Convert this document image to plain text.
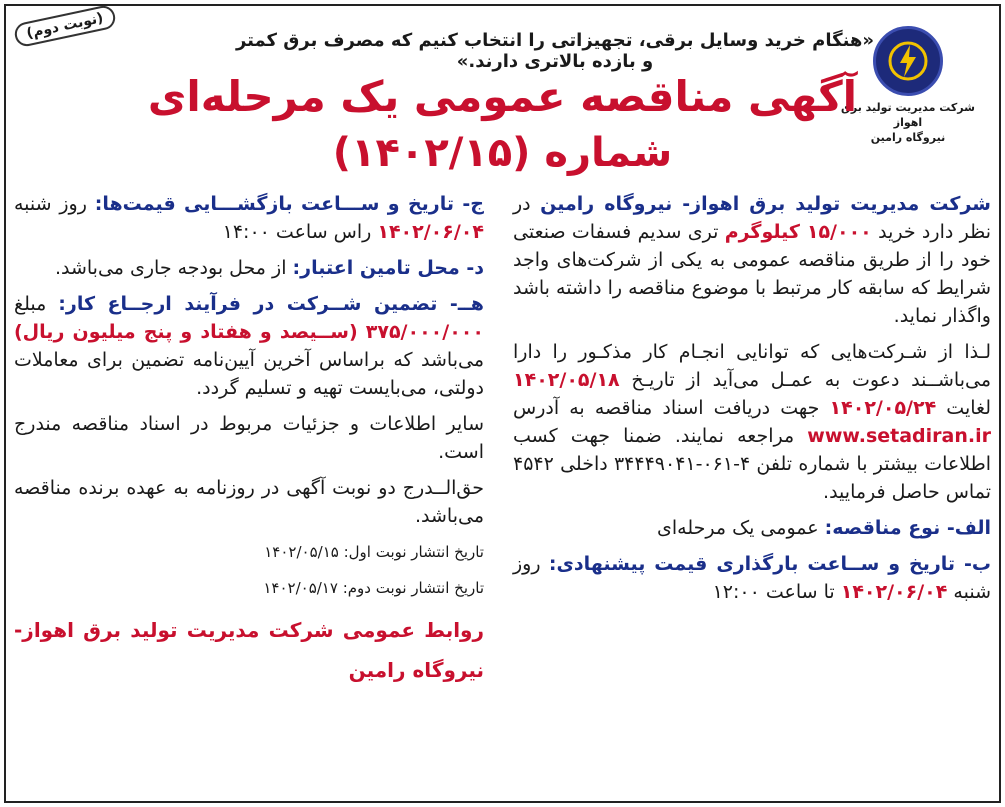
(نوبت دوم)	«هنگام خرید وسایل برقی، تجهیزاتی را انتخاب کنیم که مصرف برق کمتر و بازده بالاتری دارند.»
شرکت مدیریت تولید برق اهواز
نیروگاه رامین
آگهی مناقصه عمومی یک مرحله‌ای
شماره (۱۴۰۲/۱۵)

شرکت مدیریت تولید برق اهواز- نیروگاه رامین در نظر دارد خرید ۱۵/۰۰۰ کیلوگرم تری سدیم فسفات صنعتی خود را از طریق مناقصه عمومی به یکی از شرکت‌های واجد شرایط که سابقه کار مرتبط با موضوع مناقصه را داشته باشد واگذار نماید.

لـذا از شـرکت‌هایی که توانایی انجـام کار مذکـور را دارا می‌باشــند دعوت به عمـل می‌آید از تاریـخ ۱۴۰۲/۰۵/۱۸ لغایت ۱۴۰۲/۰۵/۲۴ جهت دریافت اسناد مناقصه به آدرس www.setadiran.ir مراجعه نمایند. ضمنا جهت کسب اطلاعات بیشتر با شماره تلفن ۴-۰۶۱-۳۴۴۴۹۰۴۱ داخلی ۴۵۴۲ تماس حاصل فرمایید.

الف- نوع مناقصه: عمومی یک مرحله‌ای

ب- تاریخ و ســاعت بارگذاری قیمت پیشنهادی: روز شنبه ۱۴۰۲/۰۶/۰۴ تا ساعت ۱۲:۰۰

ج- تاریخ و ســـاعت بازگشـــایی قیمت‌ها: روز شنبه ۱۴۰۲/۰۶/۰۴ راس ساعت ۱۴:۰۰

د- محل تامین اعتبار: از محل بودجه جاری می‌باشد.

هــ- تضمین شــرکت در فرآیند ارجــاع کار: مبلغ ۳۷۵/۰۰۰/۰۰۰ (ســیصد و هفتاد و پنج میلیون ریال) می‌باشد که براساس آخرین آیین‌نامه تضمین برای معاملات دولتی، می‌بایست تهیه و تسلیم گردد.

سایر اطلاعات و جزئیات مربوط در اسناد مناقصه مندرج است.

حق‌الــدرج دو نوبت آگهی در روزنامه به عهده برنده مناقصه می‌باشد.

تاریخ انتشار نوبت اول: ۱۴۰۲/۰۵/۱۵

تاریخ انتشار نوبت دوم: ۱۴۰۲/۰۵/۱۷

روابط عمومی شرکت مدیریت تولید برق اهواز- نیروگاه رامین
